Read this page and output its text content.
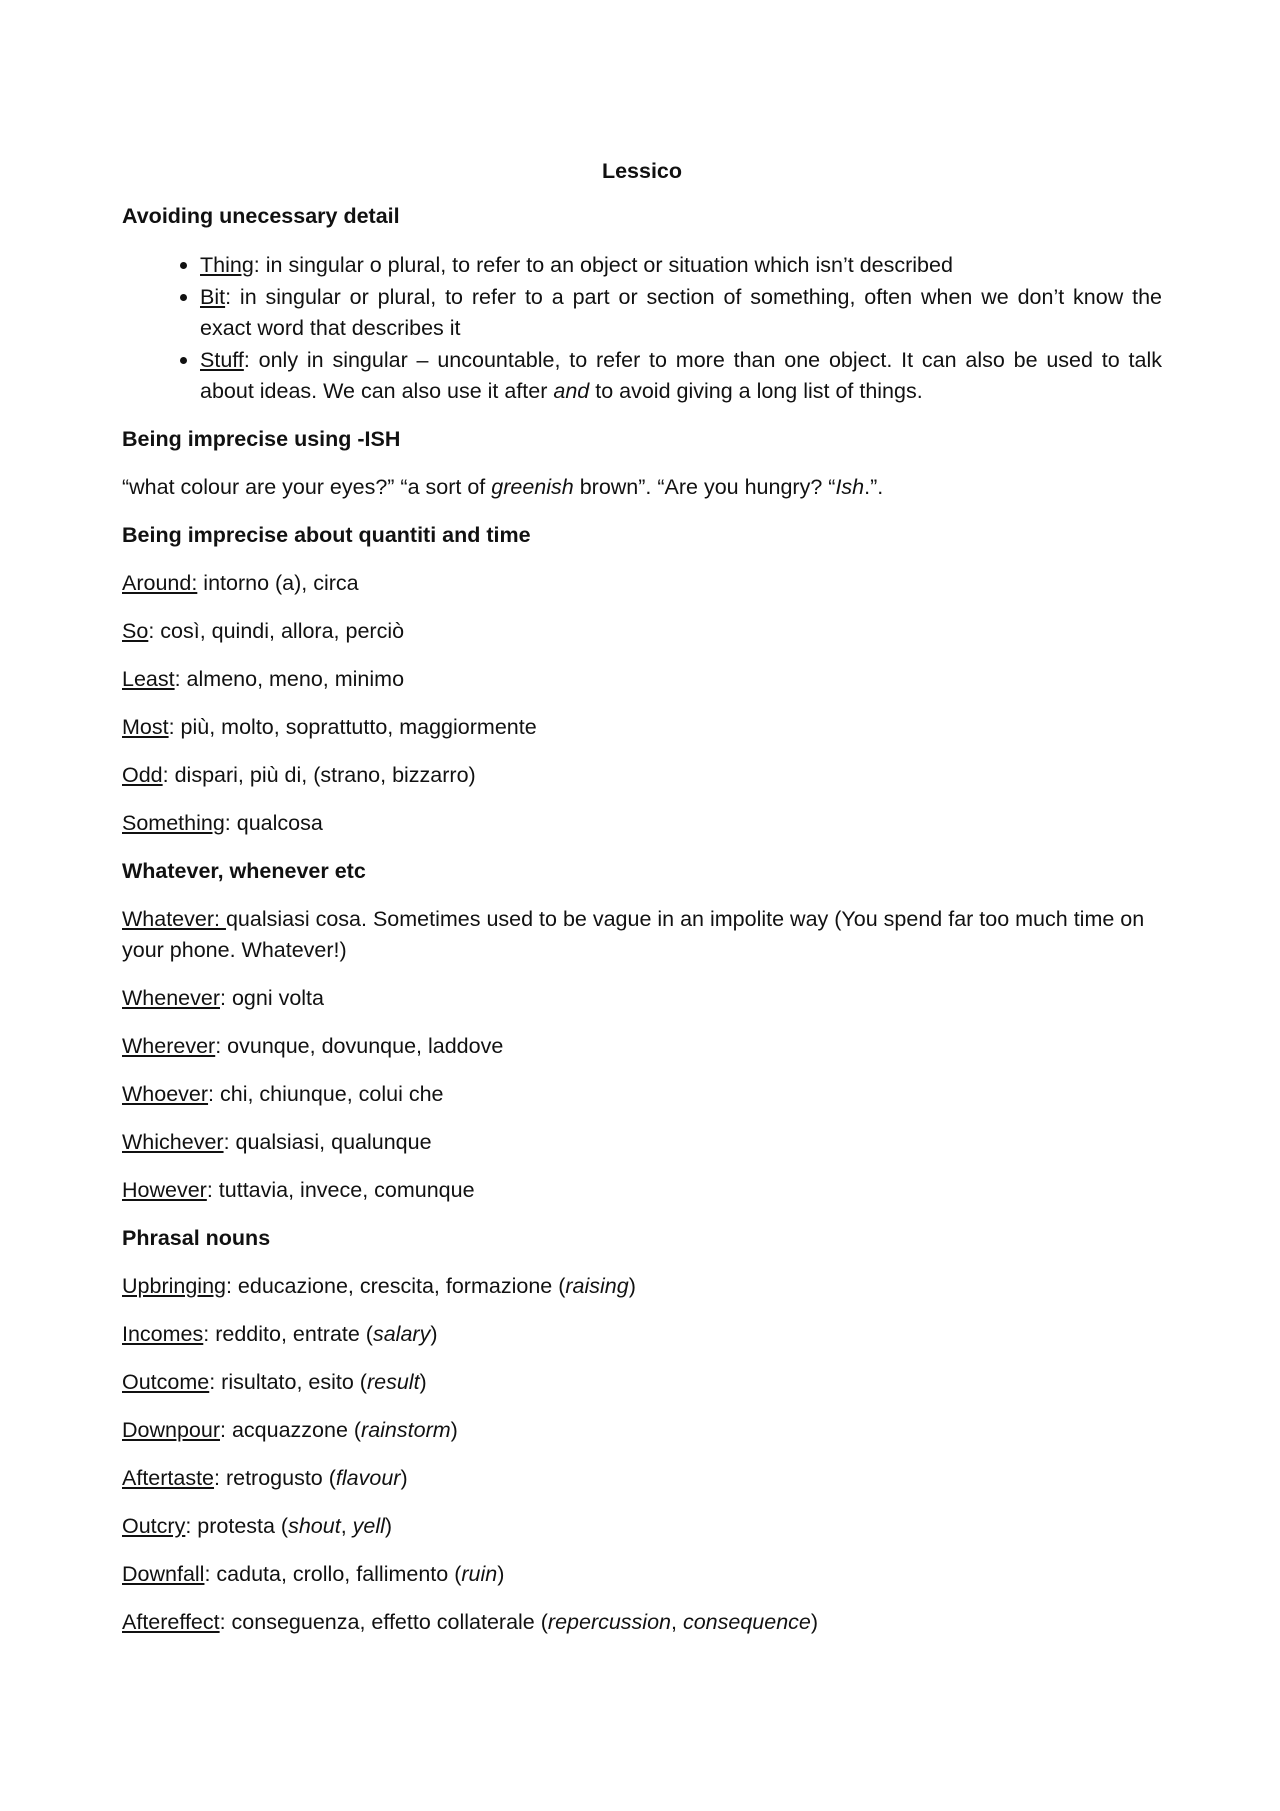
Lessico
Avoiding unecessary detail
• Thing: in singular o plural, to refer to an object or situation which isn’t described
• Bit: in singular or plural, to refer to a part or section of something, often when we don’t know the exact word that describes it
• Stuff: only in singular – uncountable, to refer to more than one object. It can also be used to talk about ideas. We can also use it after and to avoid giving a long list of things.
Being imprecise using -ISH

“what colour are your eyes?” “a sort of greenish brown”. “Are you hungry? “Ish.”.

Being imprecise about quantiti and time

Around: intorno (a), circa

So: così, quindi, allora, perciò

Least: almeno, meno, minimo

Most: più, molto, soprattutto, maggiormente

Odd: dispari, più di, (strano, bizzarro)

Something: qualcosa

Whatever, whenever etc

Whatever: qualsiasi cosa. Sometimes used to be vague in an impolite way (You spend far too much time on your phone. Whatever!)

Whenever: ogni volta

Wherever: ovunque, dovunque, laddove

Whoever: chi, chiunque, colui che

Whichever: qualsiasi, qualunque

However: tuttavia, invece, comunque

Phrasal nouns

Upbringing: educazione, crescita, formazione (raising)

Incomes: reddito, entrate (salary)

Outcome: risultato, esito (result)

Downpour: acquazzone (rainstorm)

Aftertaste: retrogusto (flavour)

Outcry: protesta (shout, yell)

Downfall: caduta, crollo, fallimento (ruin)

Aftereffect: conseguenza, effetto collaterale (repercussion, consequence)
